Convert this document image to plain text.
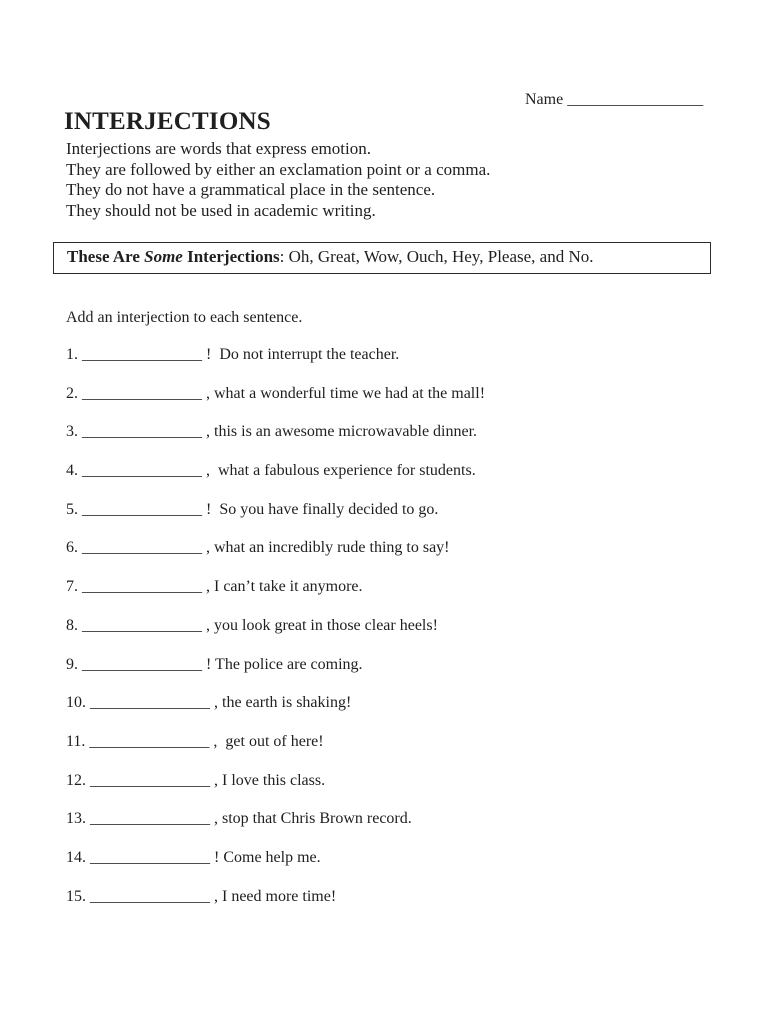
Name _________________
INTERJECTIONS
Interjections are words that express emotion.
They are followed by either an exclamation point or a comma.
They do not have a grammatical place in the sentence.
They should not be used in academic writing.
These Are Some Interjections: Oh, Great, Wow, Ouch, Hey, Please, and No.
Add an interjection to each sentence.
1. _______________ !  Do not interrupt the teacher.
2. _______________ , what a wonderful time we had at the mall!
3. _______________ , this is an awesome microwavable dinner.
4. _______________ ,  what a fabulous experience for students.
5. _______________ !  So you have finally decided to go.
6. _______________ , what an incredibly rude thing to say!
7. _______________ , I can’t take it anymore.
8. _______________ , you look great in those clear heels!
9. _______________ ! The police are coming.
10. _______________ , the earth is shaking!
11. _______________ ,  get out of here!
12. _______________ , I love this class.
13. _______________ , stop that Chris Brown record.
14. _______________ ! Come help me.
15. _______________ , I need more time!
